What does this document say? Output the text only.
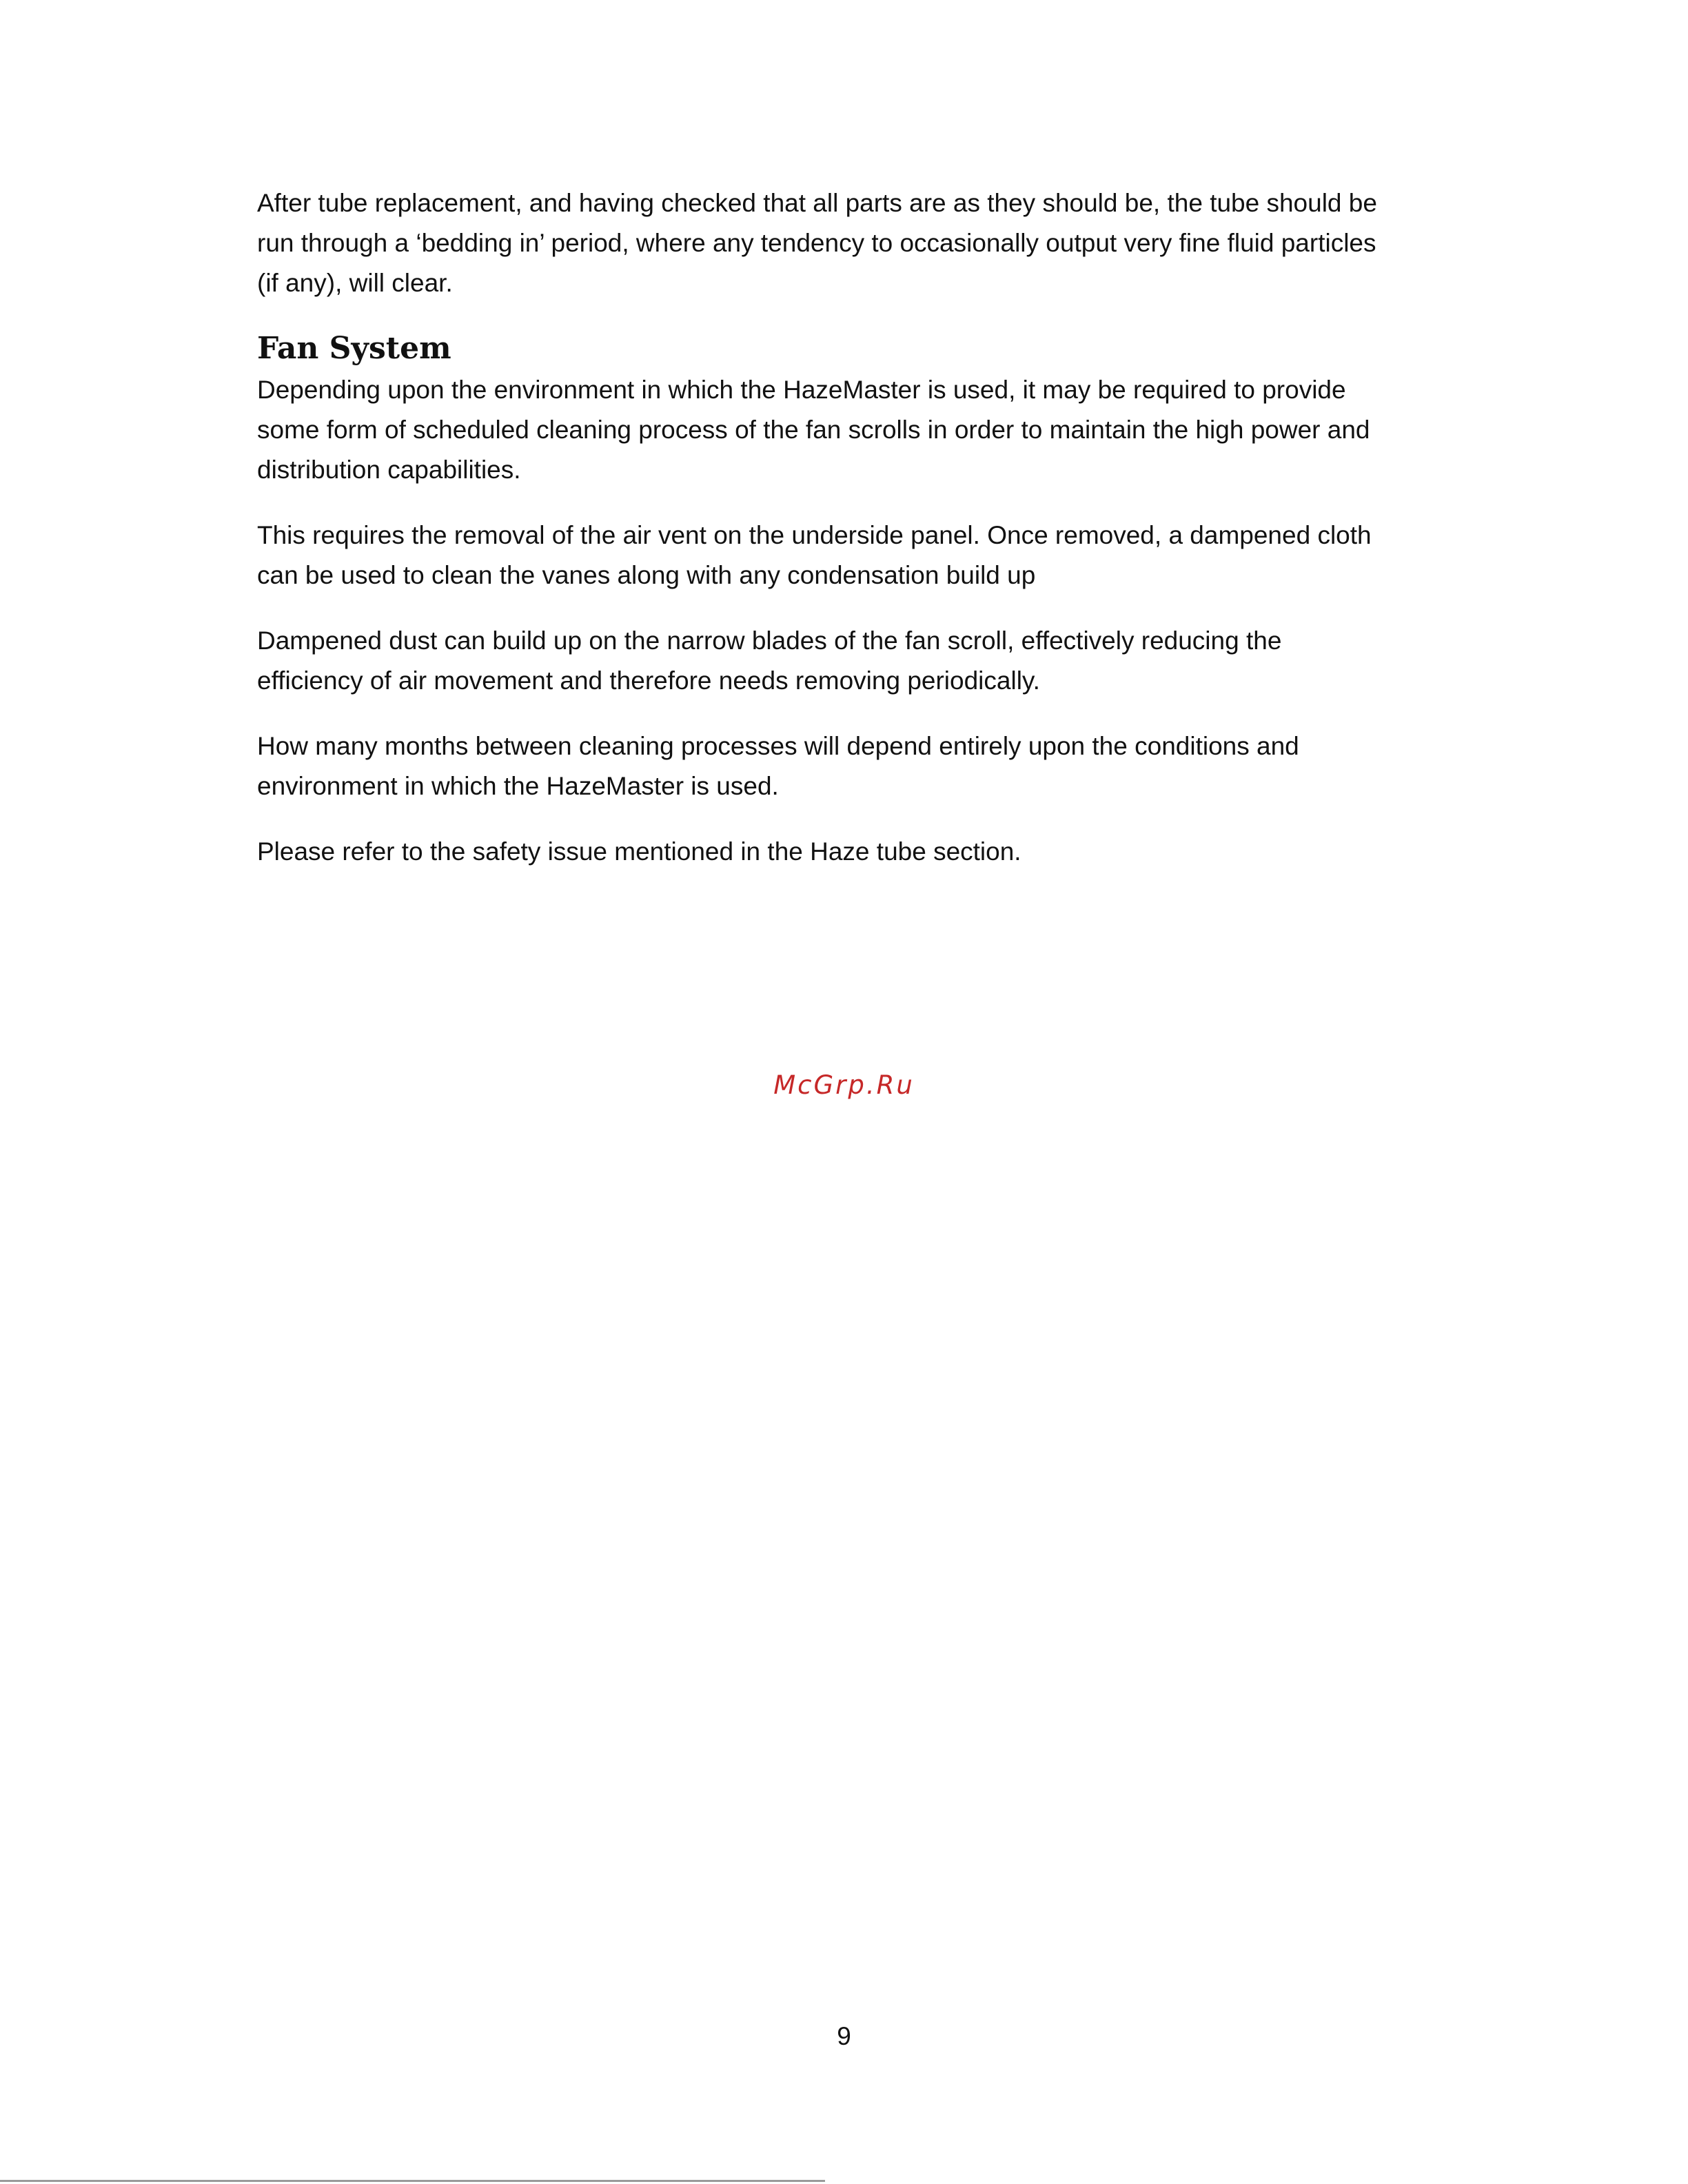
After tube replacement, and having checked that all parts are as they should be, the tube should be
run through a ‘bedding in’ period, where any tendency to occasionally output very fine fluid particles
(if any), will clear.

Fan System

Depending upon the environment in which the HazeMaster is used, it may be required to provide
some form of scheduled cleaning process of the fan scrolls in order to maintain the high power and
distribution capabilities.

This requires the removal of the air vent on the underside panel. Once removed, a dampened cloth
can be used to clean the vanes along with any condensation build up

Dampened dust can build up on the narrow blades of the fan scroll, effectively reducing the
efficiency of air movement and therefore needs removing periodically.

How many months between cleaning processes will depend entirely upon the conditions and
environment in which the HazeMaster is used.

Please refer to the safety issue mentioned in the Haze tube section.

McGrp.Ru
9
